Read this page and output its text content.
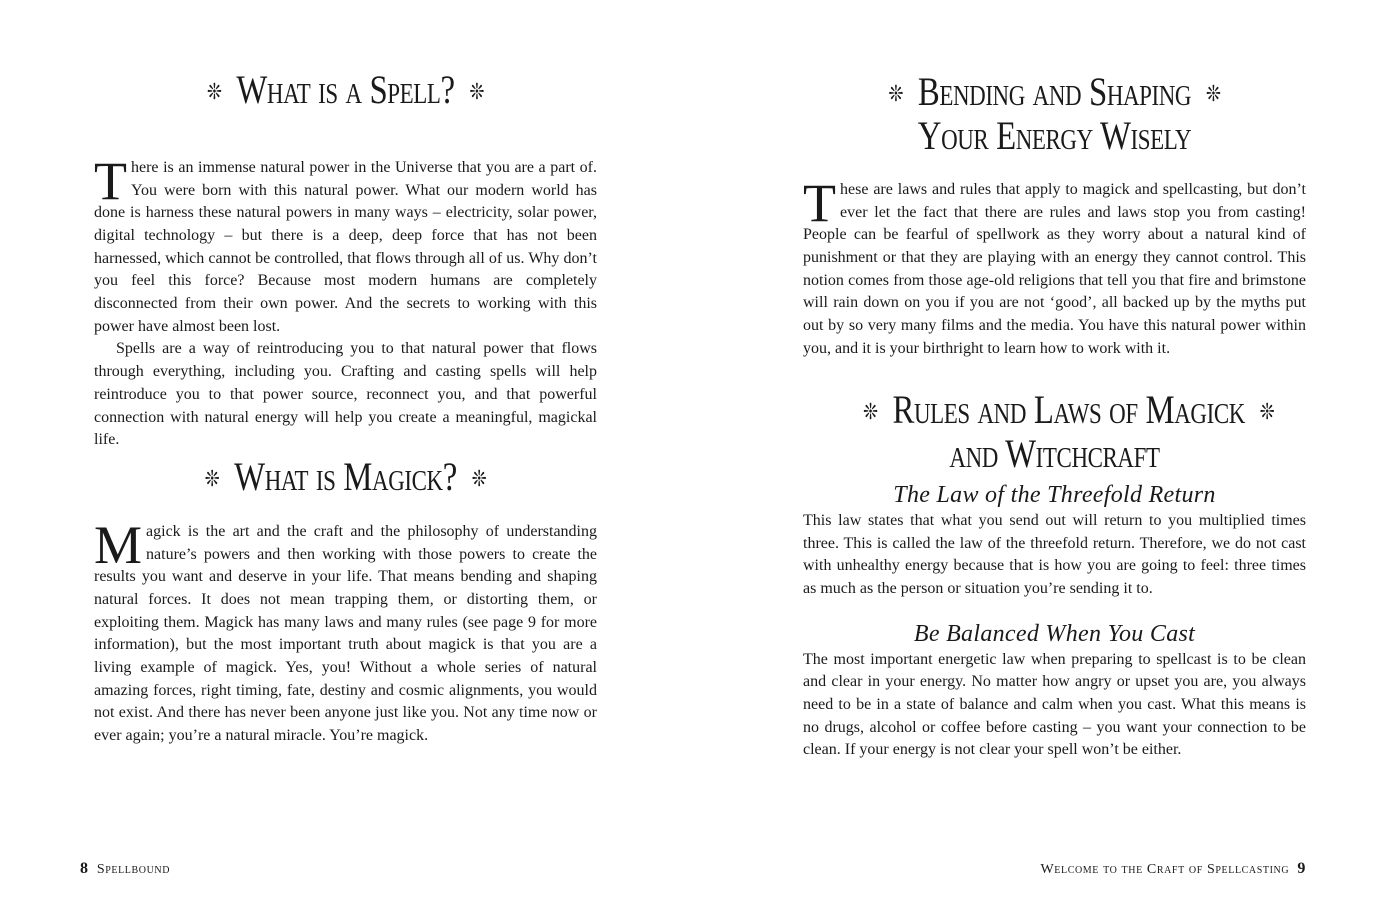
❊ What is a Spell? ❊

There is an immense natural power in the Universe that you are a part of. You were born with this natural power. What our modern world has done is harness these natural powers in many ways – electricity, solar power, digital technology – but there is a deep, deep force that has not been harnessed, which cannot be controlled, that flows through all of us. Why don’t you feel this force? Because most modern humans are completely disconnected from their own power. And the secrets to working with this power have almost been lost.

Spells are a way of reintroducing you to that natural power that flows through everything, including you. Crafting and casting spells will help reintroduce you to that power source, reconnect you, and that powerful connection with natural energy will help you create a meaningful, magickal life.

❊ What is Magick? ❊

Magick is the art and the craft and the philosophy of understanding nature’s powers and then working with those powers to create the results you want and deserve in your life. That means bending and shaping natural forces. It does not mean trapping them, or distorting them, or exploiting them. Magick has many laws and many rules (see page 9 for more information), but the most important truth about magick is that you are a living example of magick. Yes, you! Without a whole series of natural amazing forces, right timing, fate, destiny and cosmic alignments, you would not exist. And there has never been anyone just like you. Not any time now or ever again; you’re a natural miracle. You’re magick.

8 Spellbound
❊ Bending and Shaping ❊
Your Energy Wisely

These are laws and rules that apply to magick and spellcasting, but don’t ever let the fact that there are rules and laws stop you from casting! People can be fearful of spellwork as they worry about a natural kind of punishment or that they are playing with an energy they cannot control. This notion comes from those age-old religions that tell you that fire and brimstone will rain down on you if you are not ‘good’, all backed up by the myths put out by so very many films and the media. You have this natural power within you, and it is your birthright to learn how to work with it.

❊ Rules and Laws of Magick ❊
and Witchcraft
The Law of the Threefold Return

This law states that what you send out will return to you multiplied times three. This is called the law of the threefold return. Therefore, we do not cast with unhealthy energy because that is how you are going to feel: three times as much as the person or situation you’re sending it to.

Be Balanced When You Cast

The most important energetic law when preparing to spellcast is to be clean and clear in your energy. No matter how angry or upset you are, you always need to be in a state of balance and calm when you cast. What this means is no drugs, alcohol or coffee before casting – you want your connection to be clean. If your energy is not clear your spell won’t be either.

Welcome to the Craft of Spellcasting 9
